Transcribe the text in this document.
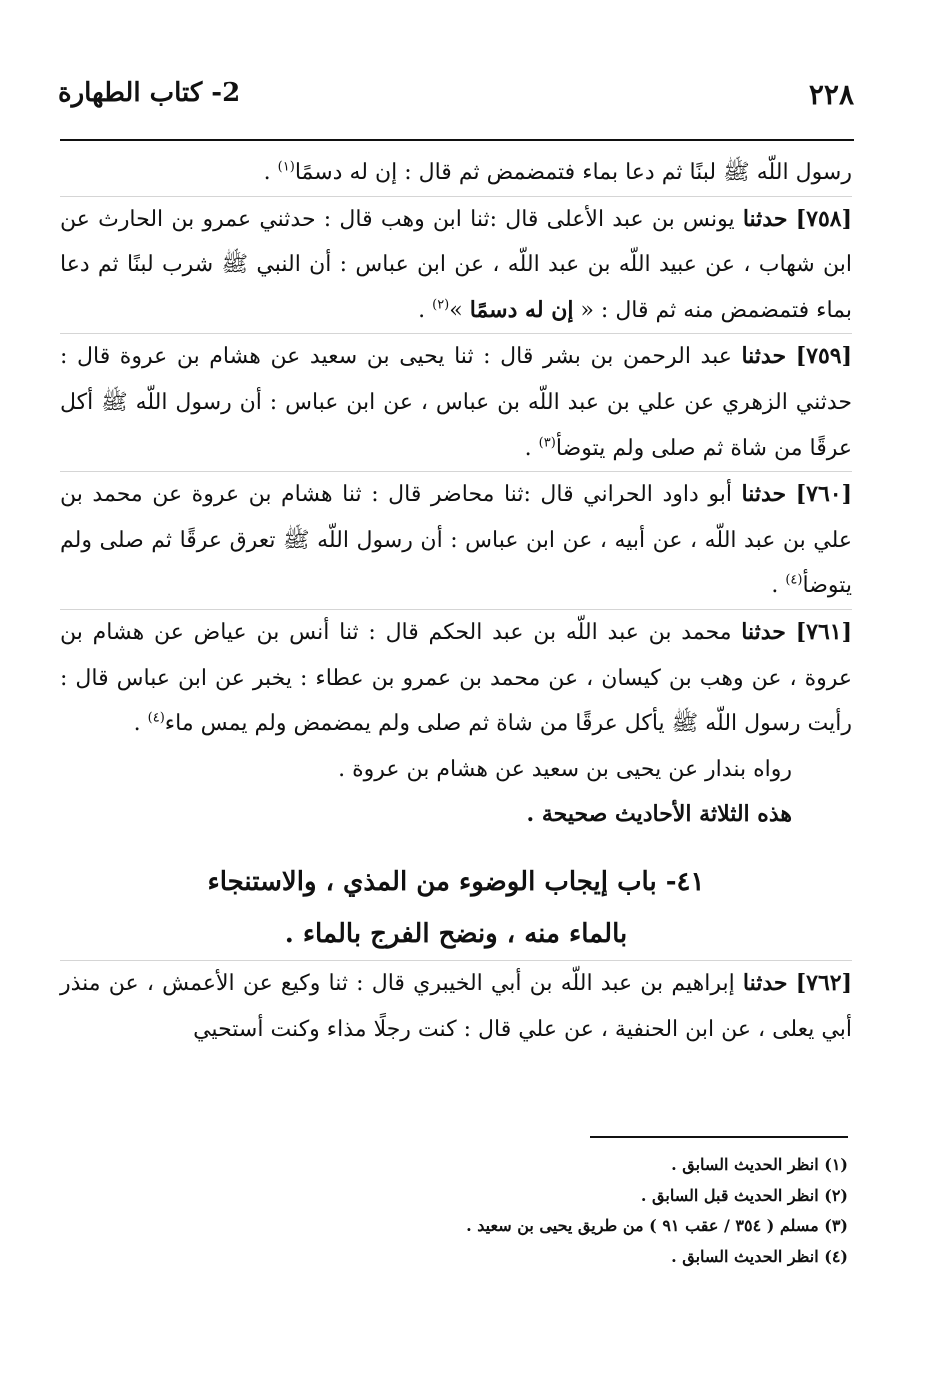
٢٢٨
2- كتاب الطهارة

رسول اللّه ﷺ لبنًا ثم دعا بماء فتمضمض ثم قال : إن له دسمًا$^{(١)}$ .

[٧٥٨] حدثنا يونس بن عبد الأعلى قال :ثنا ابن وهب قال : حدثني عمرو بن الحارث عن ابن شهاب ، عن عبيد اللّه بن عبد اللّه ، عن ابن عباس : أن النبي ﷺ شرب لبنًا ثم دعا بماء فتمضمض منه ثم قال : « إن له دسمًا »$^{(٢)}$ .

[٧٥٩] حدثنا عبد الرحمن بن بشر قال : ثنا يحيى بن سعيد عن هشام بن عروة قال : حدثني الزهري عن علي بن عبد اللّه بن عباس ، عن ابن عباس : أن رسول اللّه ﷺ أكل عرقًا من شاة ثم صلى ولم يتوضأ$^{(٣)}$ .

[٧٦٠] حدثنا أبو داود الحراني قال :ثنا محاضر قال : ثنا هشام بن عروة عن محمد بن علي بن عبد اللّه ، عن أبيه ، عن ابن عباس : أن رسول اللّه ﷺ تعرق عرقًا ثم صلى ولم يتوضأ$^{(٤)}$ .

[٧٦١] حدثنا محمد بن عبد اللّه بن عبد الحكم قال : ثنا أنس بن عياض عن هشام بن عروة ، عن وهب بن كيسان ، عن محمد بن عمرو بن عطاء : يخبر عن ابن عباس قال : رأيت رسول اللّه ﷺ يأكل عرقًا من شاة ثم صلى ولم يمضمض ولم يمس ماء$^{(٤)}$ .

رواه بندار عن يحيى بن سعيد عن هشام بن عروة .

هذه الثلاثة الأحاديث صحيحة .

٤١- باب إيجاب الوضوء من المذي ، والاستنجاء
بالماء منه ، ونضح الفرج بالماء .

[٧٦٢] حدثنا إبراهيم بن عبد اللّه بن أبي الخيبري قال : ثنا وكيع عن الأعمش ، عن منذر أبي يعلى ، عن ابن الحنفية ، عن علي قال : كنت رجلًا مذاء وكنت أستحيي

(١) انظر الحديث السابق .
(٢) انظر الحديث قبل السابق .
(٣) مسلم ( ٣٥٤ / عقب ٩١ ) من طريق يحيى بن سعيد .
(٤) انظر الحديث السابق .
